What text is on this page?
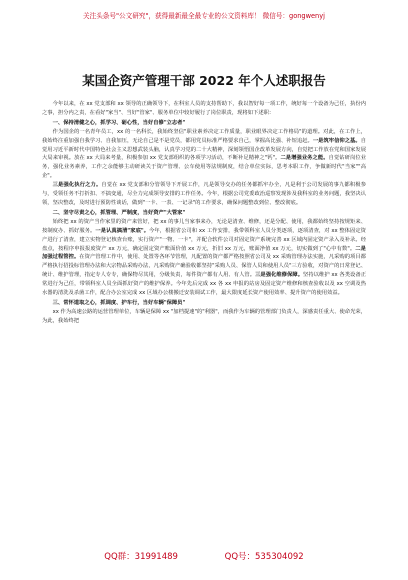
关注头条号"公文研究"，获得最新最全最专业的公文资料库！ 微信号：gongwenyj
某国企资产管理干部 2022 年个人述职报告

今年以来，在 xx 党支部和 xx 领导的正确领导下，在科室人员的支持帮助下，我以智好每一项工作，统好每一个设备为己任，执份内之事，担分内之责，在看好"家当"、当好"管家"、服务单位中较好履行了岗位职责，现将如下述职：

一、保持清健之心，抓学习、砺心性，当好自修"立志者"

作为国企的一名青年员工，xx 的一名科长，我始终坚信"职业素养决定工作质量，职业眼界决定工作格局"的道理。对此，在工作上，我始终注重加强自我学习、自我加压，无论自己是不是党员，都用党员标准严格要求自己，掌握高比强、补短追赶。一是筑牢信仰之基。自觉用习近平新时代中国特色社会主义思想武装头脑，认真学习党的二十大精神，深刻领悟国企改革发展方向，自觉把工作放在党和国家发展大局来审视。放在 xx 大局来考量，积极参加 xx 党支部组织的各项学习活动，不断补足精神之"钙"。二是增强业务之能。自觉钻研岗位业务，强化业务素养，工作之余能够主动研读关于资产管理、公车使用等法规制度，结合单位实际，思考本职工作，争做新时代"当家""高企"。

三是强化执行之力。自觉在 xx 党支部和分管领导下开展工作，凡是领导交办的任务都抓牢办全，凡是利于公司发展的事九都积极参与，受领任务不打折扣、不搞变通，尽全力完成领导安排的工作任务。今年，根据公司党委政治巡察发现涉及我科室的业务问题，我坚决认领，坚决整改，及时进行预防性谈话，做到"一卡、一表、一记录"的工作要求，确保问题整改到位、整改彻底。

二、坚守尽责之心，抓管理、严制度，当好资产"大管家"

始终把 xx 的资产当作家里的资产来管好，把 xx 的事儿当家事来办，无论是清查、维修，还是分配、使用，我都始终坚持按规矩来、按制度办、抓好服务。一是认真搞清"家底"。今年，根据省公司和 xx 工作安排，我带领科室人员分类逐项，逐项清查，对 xx 整体固定资产进行了清查，建立实物登记核查台账，实行资产"一物、一卡"，并配合软件公司对固定资产系统完善 xx 区域内固定资产录入及补录。经盘点，按程序申报报废资产 xx 万元，确定固定资产账面价值 xx 万元，折旧 xx 万元，账面净值 xx 万元，切实做到了"心中有数"。二是加强过程管控。在资产管理工作中，使用、处置等各环节管理，凡配置的资产都严格按照省公司及 xx 采购管理办法实施，凡采购的项目都严格执行招投标管理办法和大宗物品采购办法，凡采购资产确验收都坚持"采购人员、保管人员和使用人员"三方验收，对资产的日常登记、统计、维护管理，指定专人专专，确保物尽其用，分级负责，每件资产都有人用、有人管。三是强化维修保障。坚持以维护 xx 各类设备正常进行为己任，带领科室人员全面抓好资产的维护保养。今年先后完成 xx 各 xx 申报的站房及固定资产维修和核查验收以及 xx 空调及热水器的清洗及杀菌工作，配合办公室完成 xx 区域办公楼搬迁安装调试工作，最大限度延长资产使用效率、提升资产的使用效益。

三、常怀道取之心，抓调度、护车行，当好车辆"保障员"

xx 作为高速公路的运营管理单位，车辆是保障 xx "加档提速"的"利器"，而我作为车辆的管理部门负责人，深感责任重大、使命光荣，为此，我始终把

QQ群：31991489	QQ号：535304092
